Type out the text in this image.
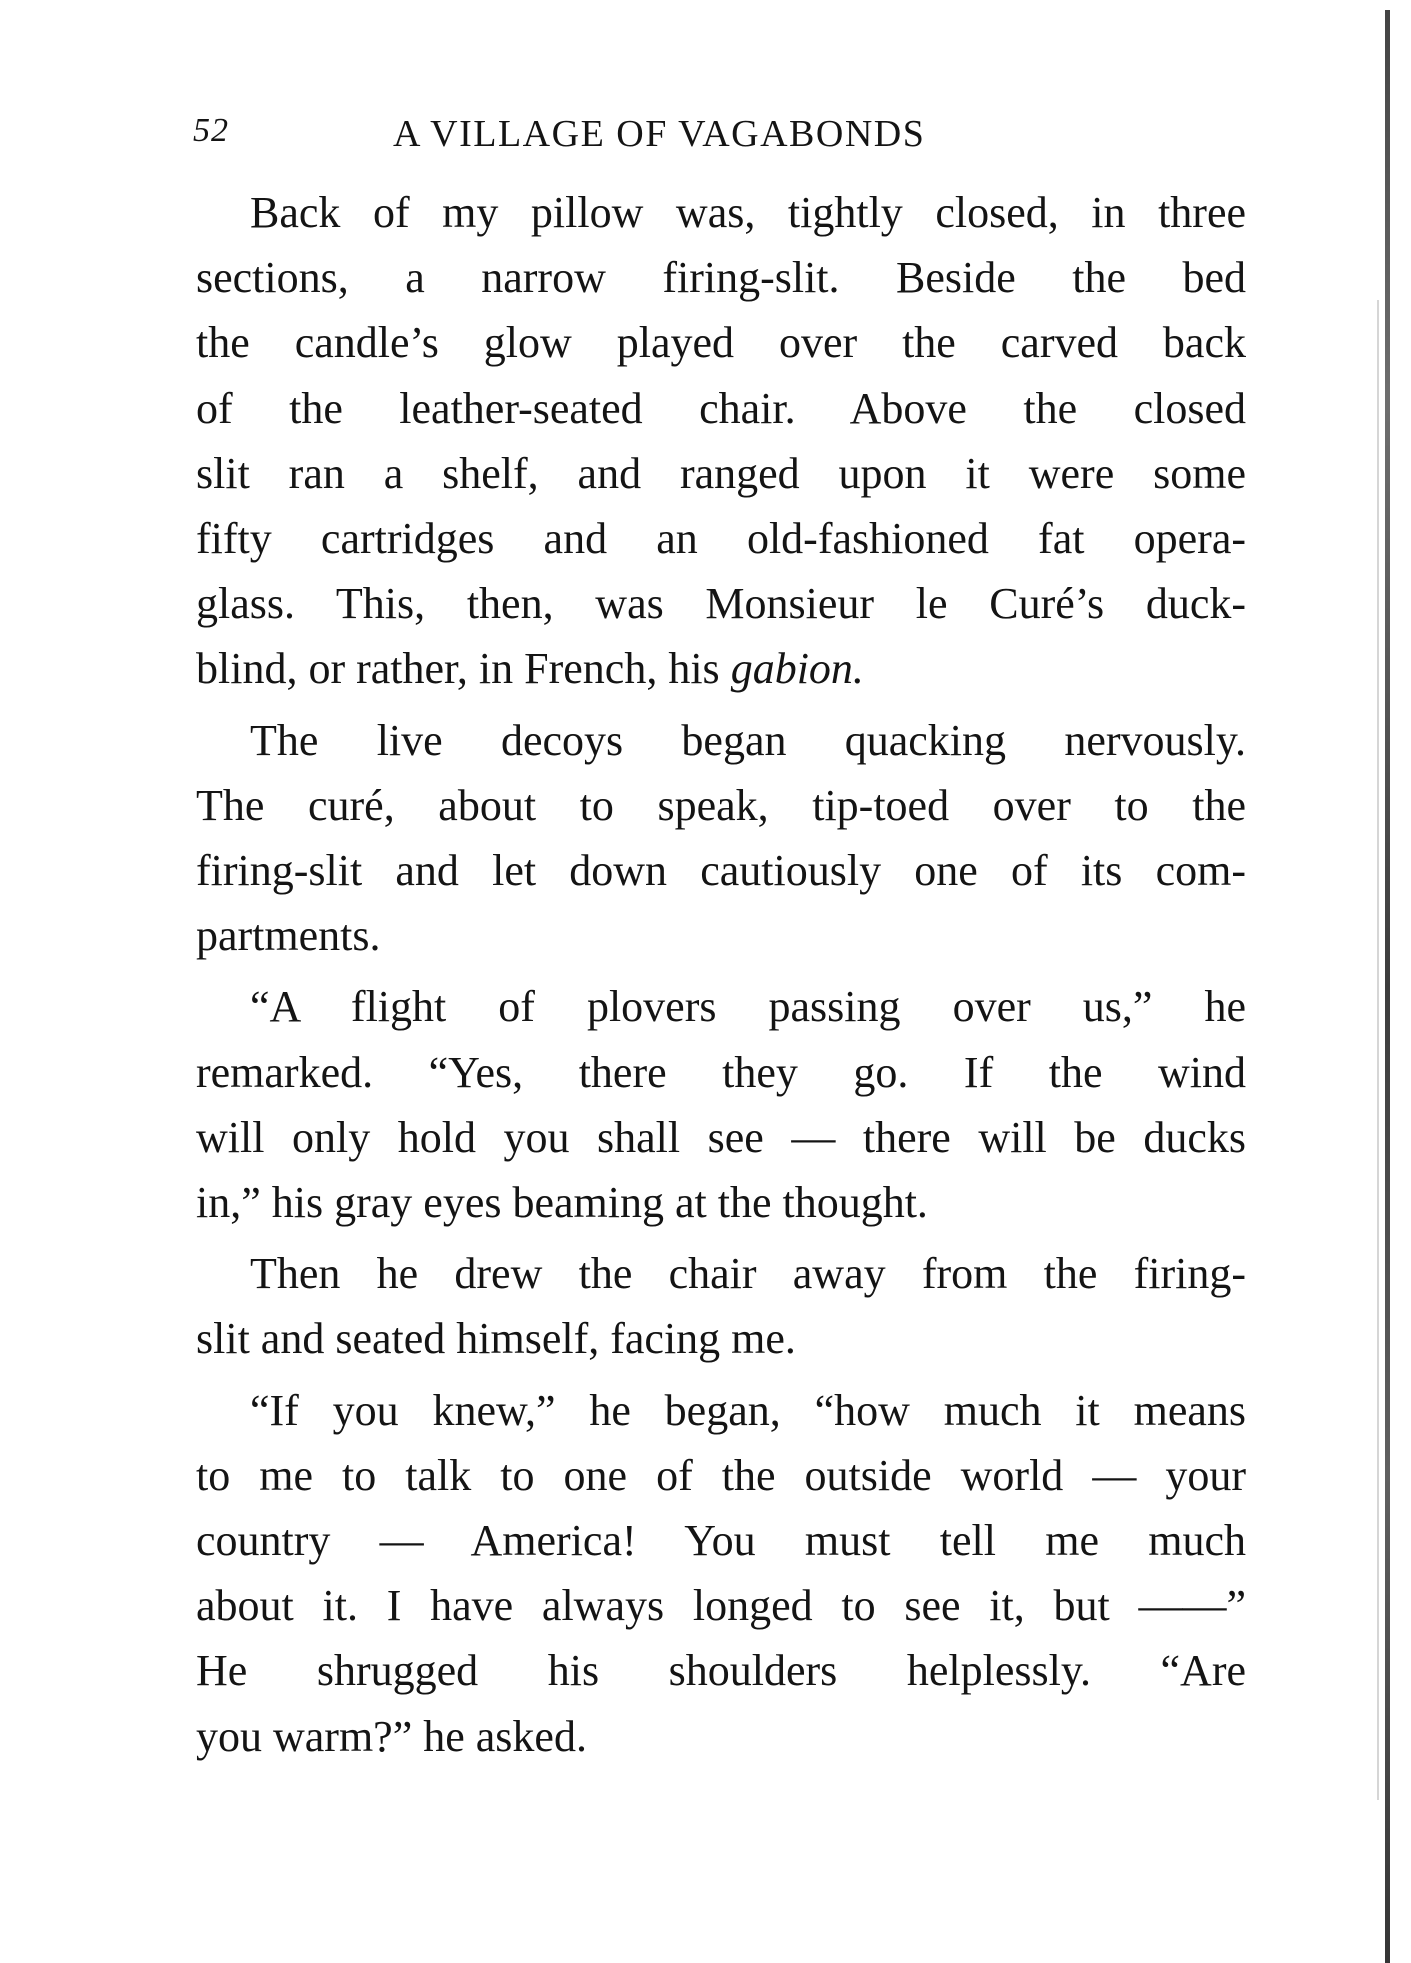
52	A VILLAGE OF VAGABONDS

Back of my pillow was, tightly closed, in three
sections, a narrow firing-slit. Beside the bed
the candle’s glow played over the carved back
of the leather-seated chair. Above the closed
slit ran a shelf, and ranged upon it were some
fifty cartridges and an old-fashioned fat opera-
glass. This, then, was Monsieur le Curé’s duck-
blind, or rather, in French, his gabion.

The live decoys began quacking nervously.
The curé, about to speak, tip-toed over to the
firing-slit and let down cautiously one of its com-
partments.

“A flight of plovers passing over us,” he
remarked. “Yes, there they go. If the wind
will only hold you shall see — there will be ducks
in,” his gray eyes beaming at the thought.

Then he drew the chair away from the firing-
slit and seated himself, facing me.

“If you knew,” he began, “how much it means
to me to talk to one of the outside world — your
country — America! You must tell me much
about it. I have always longed to see it, but ——”
He shrugged his shoulders helplessly. “Are
you warm?” he asked.
